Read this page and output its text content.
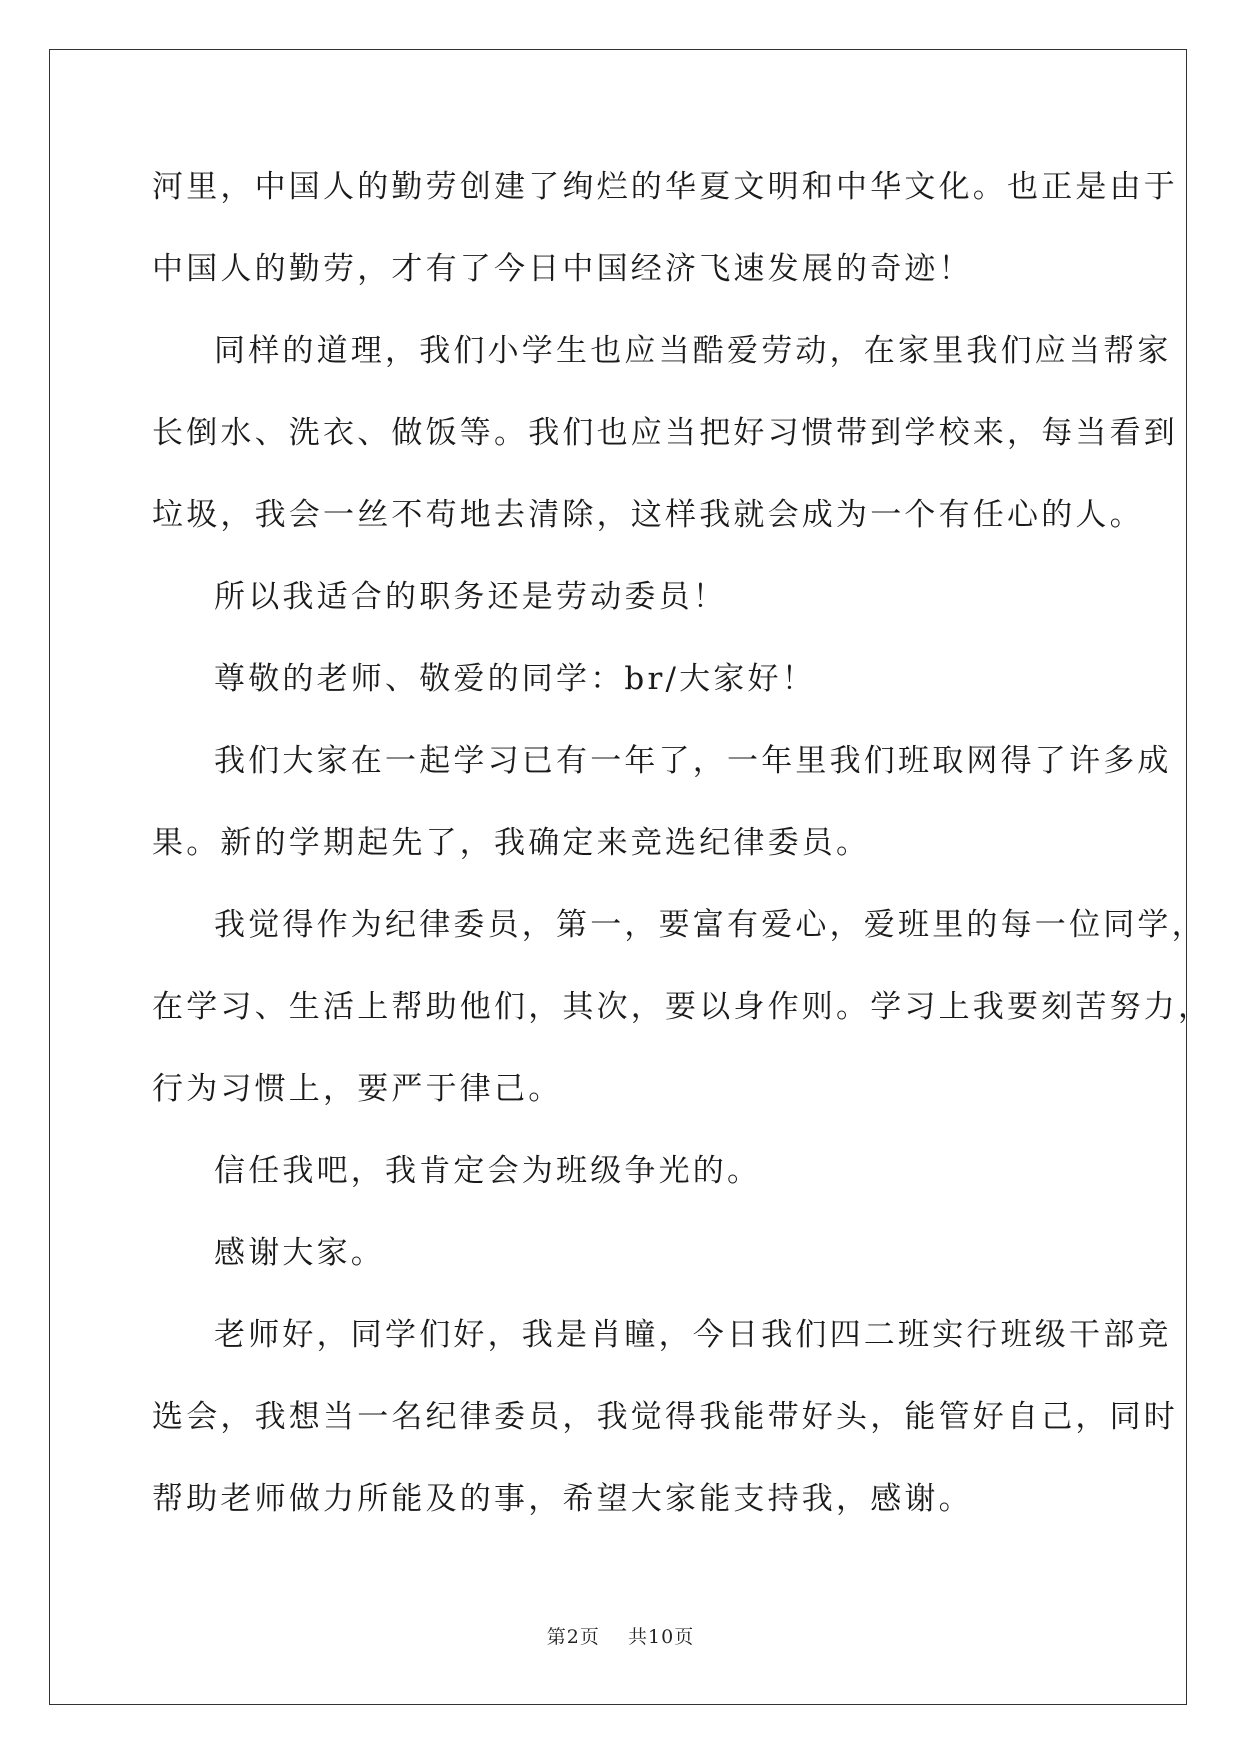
河里，中国人的勤劳创建了绚烂的华夏文明和中华文化。也正是由于
中国人的勤劳，才有了今日中国经济飞速发展的奇迹！
同样的道理，我们小学生也应当酷爱劳动，在家里我们应当帮家
长倒水、洗衣、做饭等。我们也应当把好习惯带到学校来，每当看到
垃圾，我会一丝不苟地去清除，这样我就会成为一个有任心的人。
所以我适合的职务还是劳动委员！
尊敬的老师、敬爱的同学：br/大家好！
我们大家在一起学习已有一年了，一年里我们班取网得了许多成
果。新的学期起先了，我确定来竞选纪律委员。
我觉得作为纪律委员，第一，要富有爱心，爱班里的每一位同学，
在学习、生活上帮助他们，其次，要以身作则。学习上我要刻苦努力，
行为习惯上，要严于律己。
信任我吧，我肯定会为班级争光的。
感谢大家。
老师好，同学们好，我是肖瞳，今日我们四二班实行班级干部竞
选会，我想当一名纪律委员，我觉得我能带好头，能管好自己，同时
帮助老师做力所能及的事，希望大家能支持我，感谢。
第2页 共10页
